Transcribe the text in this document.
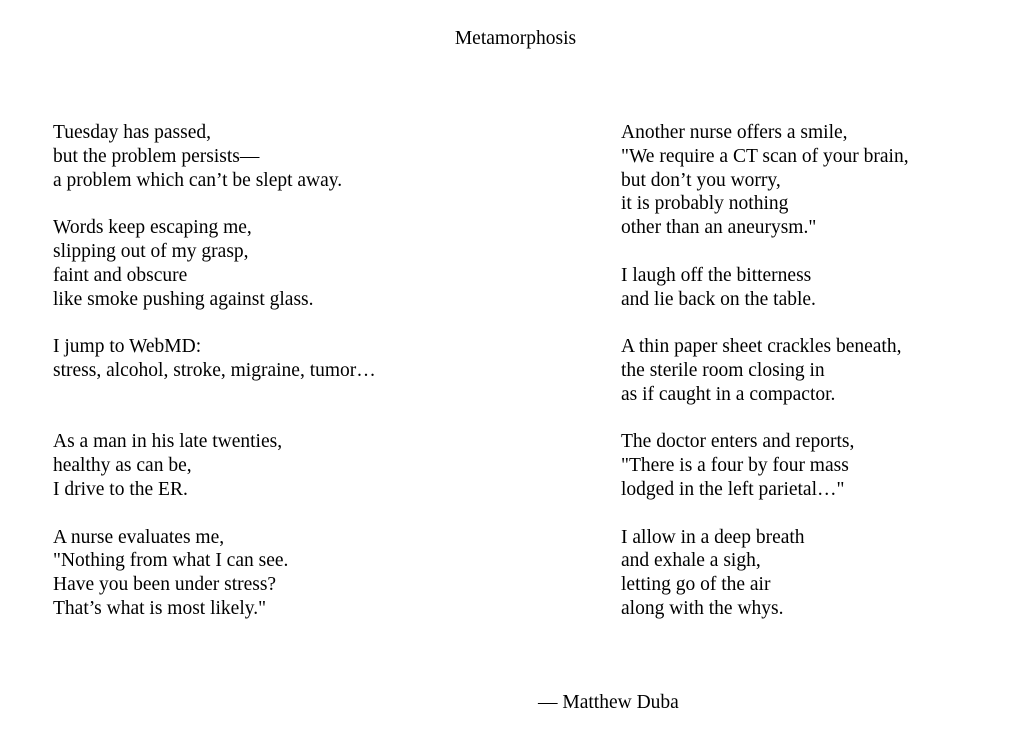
Metamorphosis
Tuesday has passed,
but the problem persists—
a problem which can’t be slept away.
Words keep escaping me,
slipping out of my grasp,
faint and obscure
like smoke pushing against glass.
I jump to WebMD:
stress, alcohol, stroke, migraine, tumor…
As a man in his late twenties,
healthy as can be,
I drive to the ER.
A nurse evaluates me,
"Nothing from what I can see.
Have you been under stress?
That’s what is most likely."
Another nurse offers a smile,
"We require a CT scan of your brain,
but don’t you worry,
it is probably nothing
other than an aneurysm."
I laugh off the bitterness
and lie back on the table.
A thin paper sheet crackles beneath,
the sterile room closing in
as if caught in a compactor.
The doctor enters and reports,
"There is a four by four mass
lodged in the left parietal…"
I allow in a deep breath
and exhale a sigh,
letting go of the air
along with the whys.
— Matthew Duba
